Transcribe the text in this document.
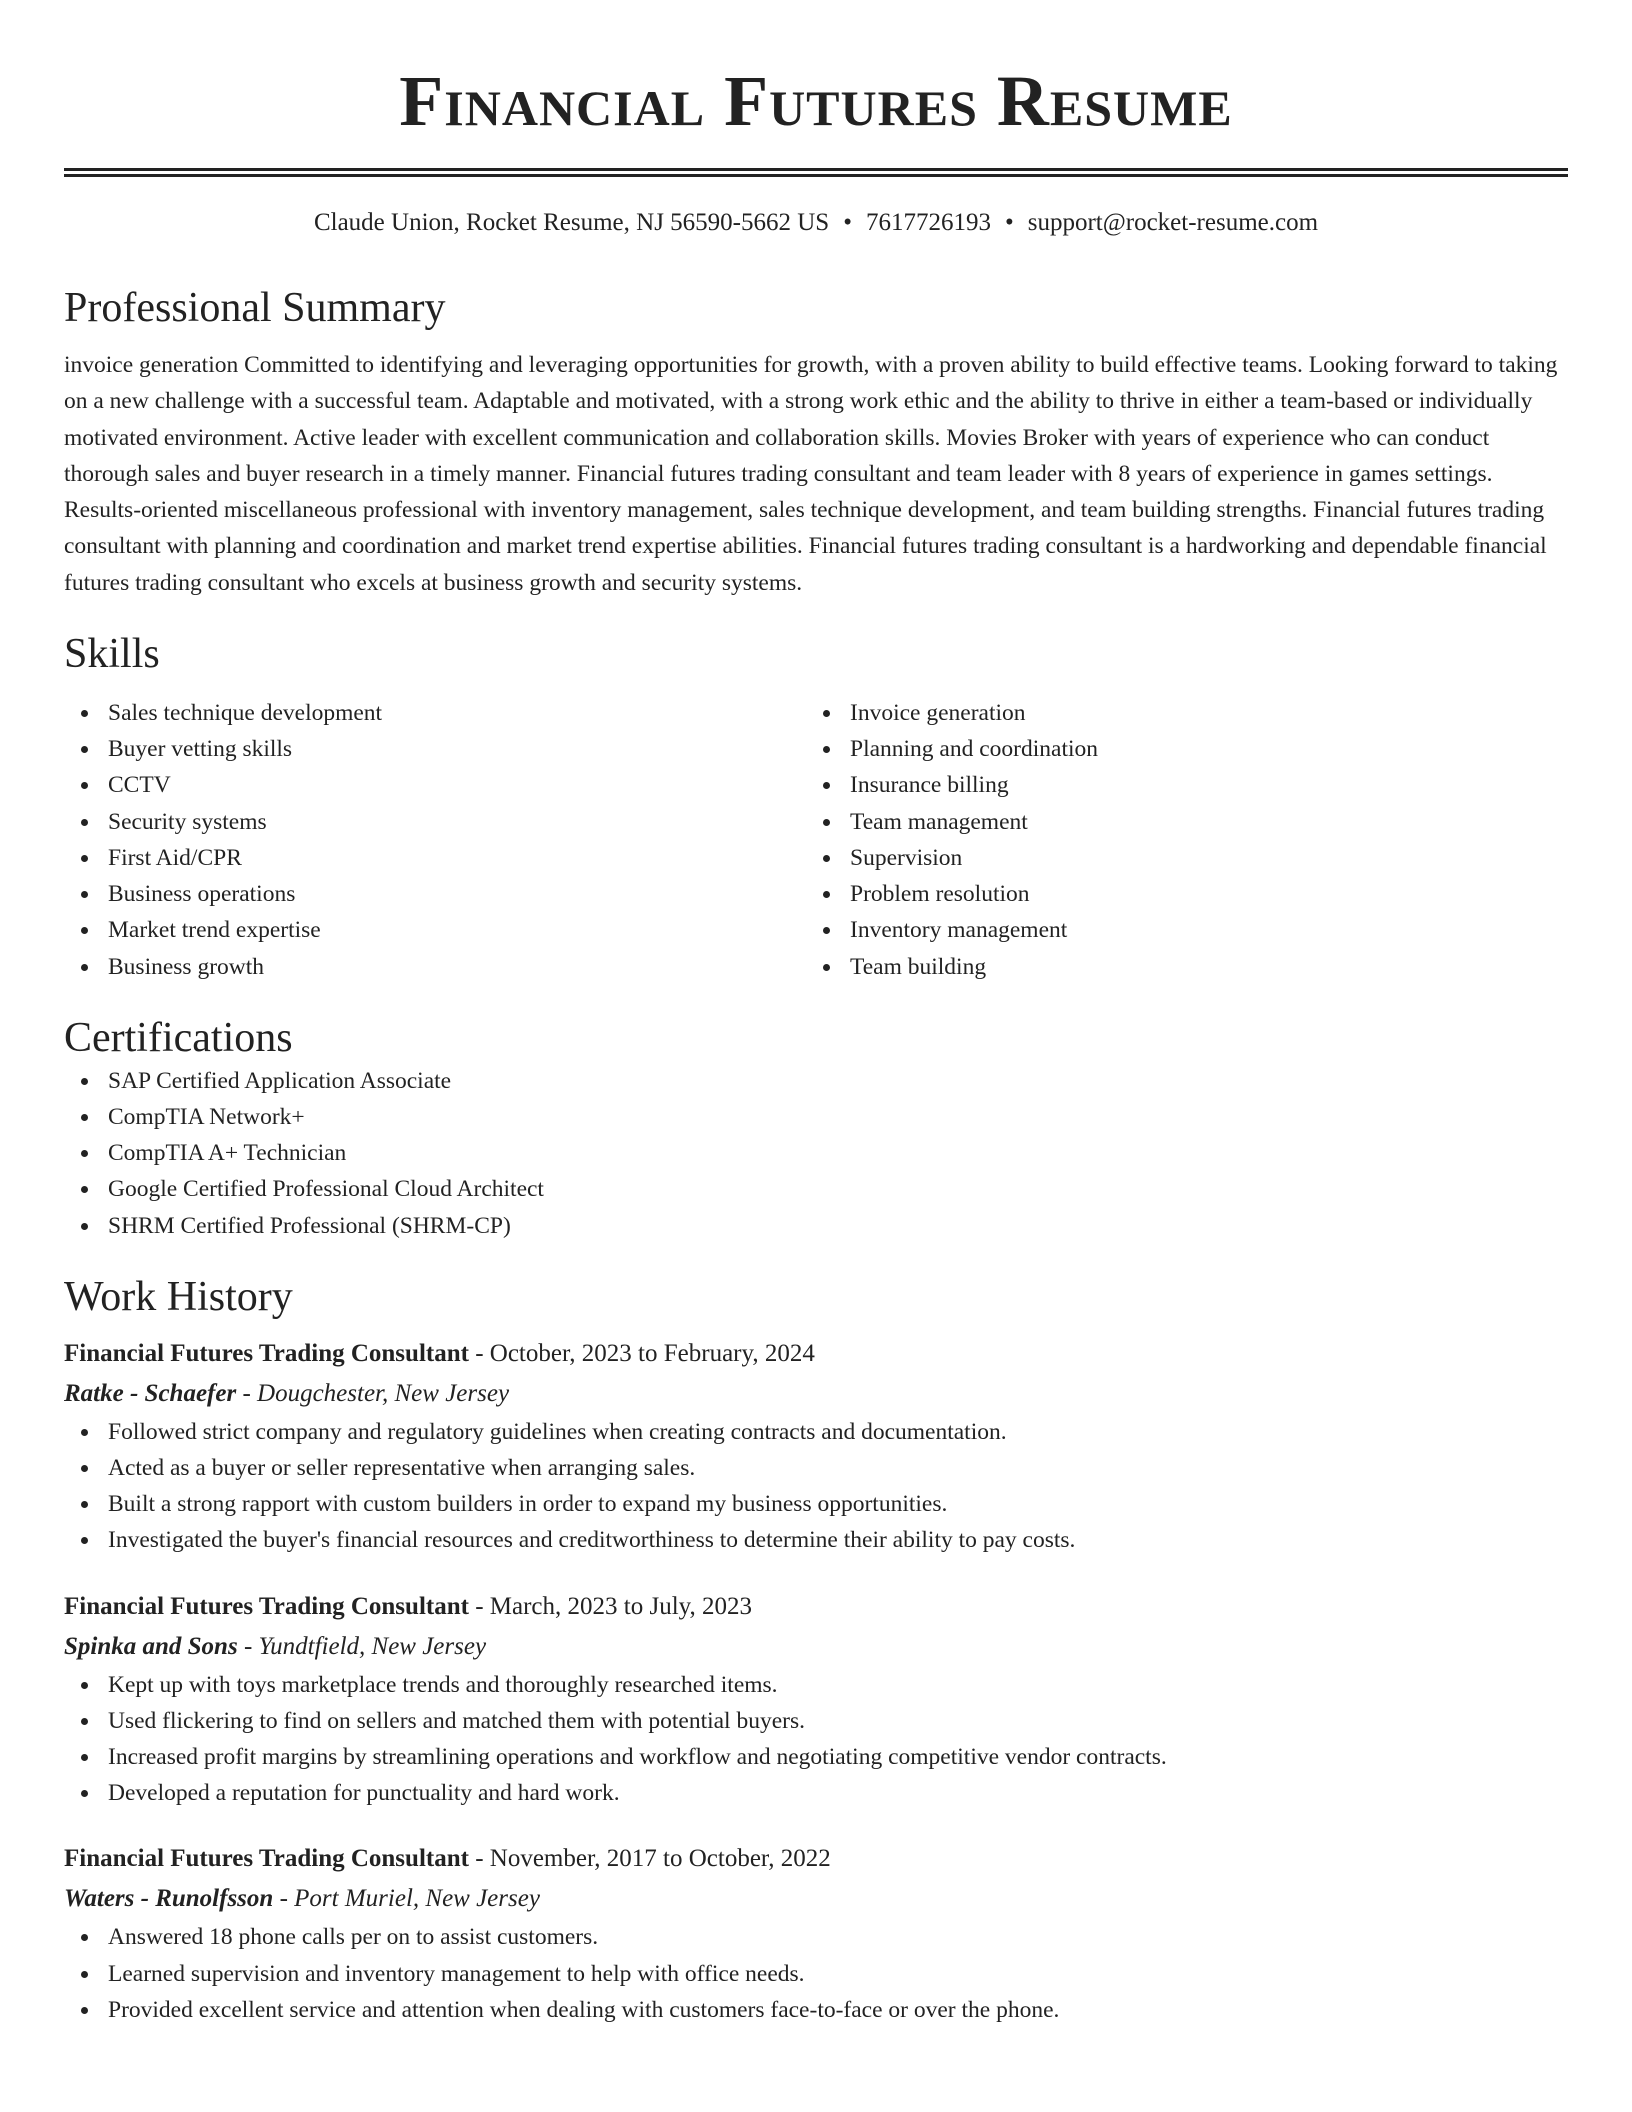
Financial Futures Resume
Claude Union, Rocket Resume, NJ 56590-5662 US • 7617726193 • support@rocket-resume.com
Professional Summary

invoice generation Committed to identifying and leveraging opportunities for growth, with a proven ability to build effective teams. Looking forward to taking on a new challenge with a successful team. Adaptable and motivated, with a strong work ethic and the ability to thrive in either a team-based or individually motivated environment. Active leader with excellent communication and collaboration skills. Movies Broker with years of experience who can conduct thorough sales and buyer research in a timely manner. Financial futures trading consultant and team leader with 8 years of experience in games settings. Results-oriented miscellaneous professional with inventory management, sales technique development, and team building strengths. Financial futures trading consultant with planning and coordination and market trend expertise abilities. Financial futures trading consultant is a hardworking and dependable financial futures trading consultant who excels at business growth and security systems.

Skills
Sales technique development
Buyer vetting skills
CCTV
Security systems
First Aid/CPR
Business operations
Market trend expertise
Business growth
Invoice generation
Planning and coordination
Insurance billing
Team management
Supervision
Problem resolution
Inventory management
Team building
Certifications
SAP Certified Application Associate
CompTIA Network+
CompTIA A+ Technician
Google Certified Professional Cloud Architect
SHRM Certified Professional (SHRM-CP)
Work History
Financial Futures Trading Consultant - October, 2023 to February, 2024
Ratke - Schaefer - Dougchester, New Jersey
Followed strict company and regulatory guidelines when creating contracts and documentation.
Acted as a buyer or seller representative when arranging sales.
Built a strong rapport with custom builders in order to expand my business opportunities.
Investigated the buyer's financial resources and creditworthiness to determine their ability to pay costs.
Financial Futures Trading Consultant - March, 2023 to July, 2023
Spinka and Sons - Yundtfield, New Jersey
Kept up with toys marketplace trends and thoroughly researched items.
Used flickering to find on sellers and matched them with potential buyers.
Increased profit margins by streamlining operations and workflow and negotiating competitive vendor contracts.
Developed a reputation for punctuality and hard work.
Financial Futures Trading Consultant - November, 2017 to October, 2022
Waters - Runolfsson - Port Muriel, New Jersey
Answered 18 phone calls per on to assist customers.
Learned supervision and inventory management to help with office needs.
Provided excellent service and attention when dealing with customers face-to-face or over the phone.
